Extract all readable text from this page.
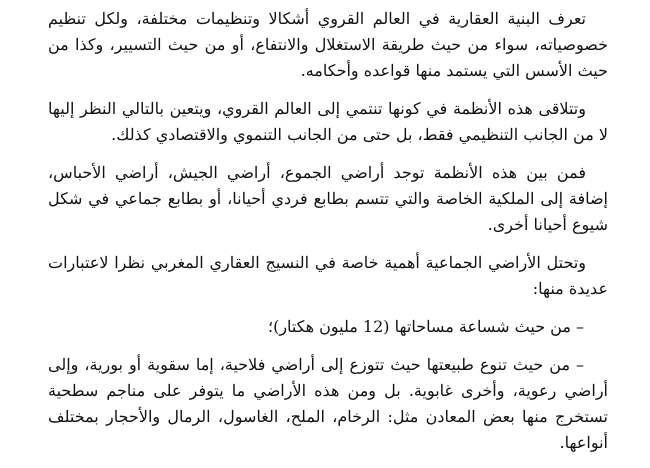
تعرف البنية العقارية في العالم القروي أشكالا وتنظيمات مختلفة، ولكل تنظيم خصوصياته، سواء من حيث طريقة الاستغلال والانتفاع، أو من حيث التسيير، وكذا من حيث الأسس التي يستمد منها قواعده وأحكامه.

وتتلاقى هذه الأنظمة في كونها تنتمي إلى العالم القروي، ويتعين بالتالي النظر إليها لا من الجانب التنظيمي فقط، بل حتى من الجانب التنموي والاقتصادي كذلك.

فمن بين هذه الأنظمة توجد أراضي الجموع، أراضي الجيش، أراضي الأحباس، إضافة إلى الملكية الخاصة والتي تتسم بطابع فردي أحيانا، أو بطابع جماعي في شكل شيوع أحيانا أخرى.

وتحتل الأراضي الجماعية أهمية خاصة في النسيج العقاري المغربي نظرا لاعتبارات عديدة منها:

– من حيث شساعة مساحاتها (12 مليون هكتار)؛

– من حيث تنوع طبيعتها حيث تتوزع إلى أراضي فلاحية، إما سقوية أو بورية، وإلى أراضي رعوية، وأخرى غابوية. بل ومن هذه الأراضي ما يتوفر على مناجم سطحية تستخرج منها بعض المعادن مثل: الرخام، الملح، الغاسول، الرمال والأحجار بمختلف أنواعها.
